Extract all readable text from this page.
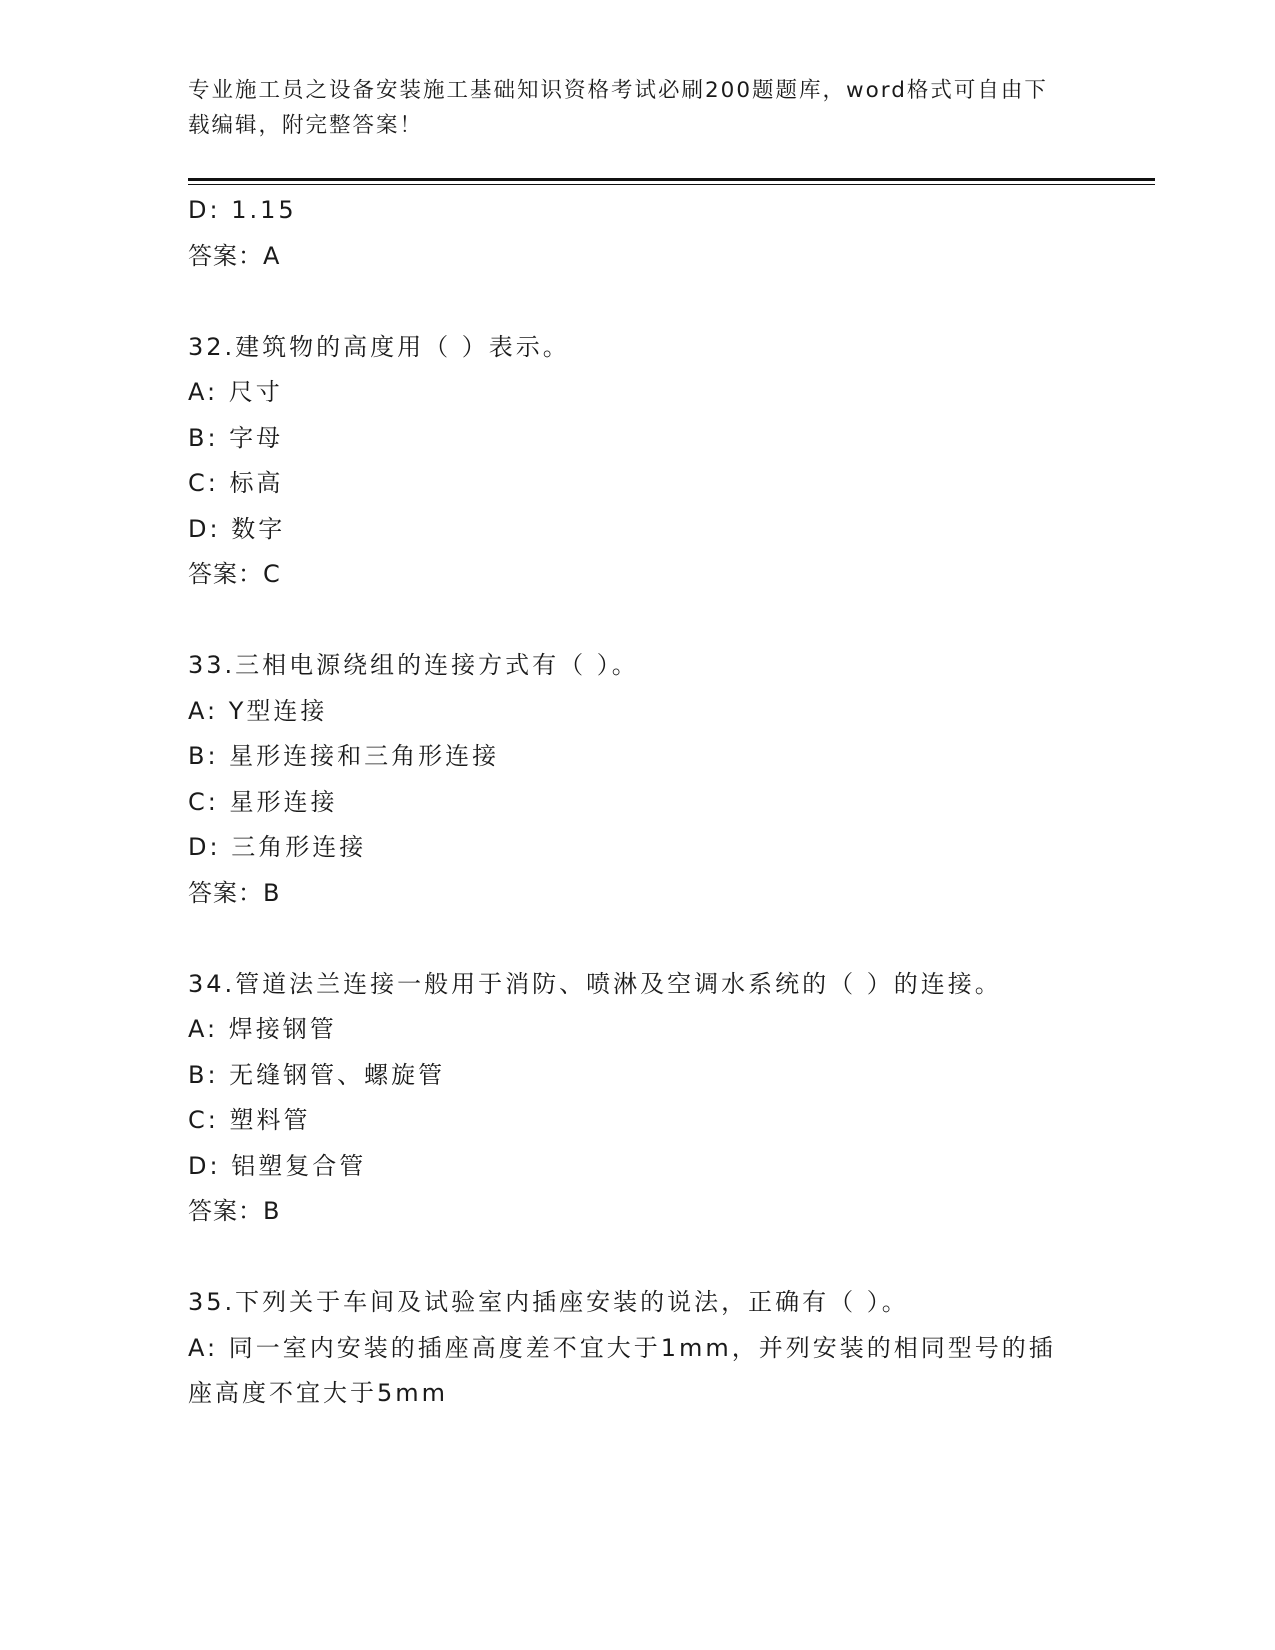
专业施工员之设备安装施工基础知识资格考试必刷200题题库，word格式可自由下载编辑，附完整答案！
D: 1.15
答案：A
32.建筑物的高度用（ ）表示。
A: 尺寸
B: 字母
C: 标高
D: 数字
答案：C
33.三相电源绕组的连接方式有（ ）。
A: Y型连接
B: 星形连接和三角形连接
C: 星形连接
D: 三角形连接
答案：B
34.管道法兰连接一般用于消防、喷淋及空调水系统的（ ）的连接。
A: 焊接钢管
B: 无缝钢管、螺旋管
C: 塑料管
D: 铝塑复合管
答案：B
35.下列关于车间及试验室内插座安装的说法，正确有（ ）。
A: 同一室内安装的插座高度差不宜大于1mm，并列安装的相同型号的插座高度不宜大于5mm
